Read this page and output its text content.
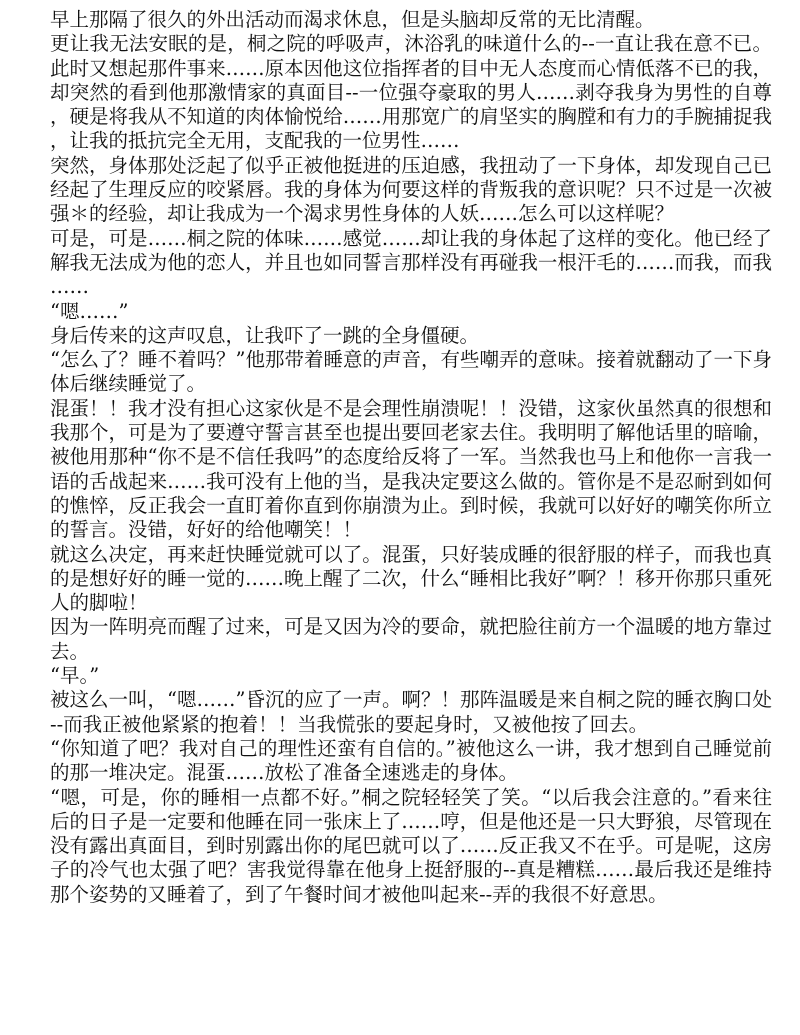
早上那隔了很久的外出活动而渴求休息，但是头脑却反常的无比清醒。

更让我无法安眠的是，桐之院的呼吸声，沐浴乳的味道什么的--一直让我在意不已。此时又想起那件事来……原本因他这位指挥者的目中无人态度而心情低落不已的我，却突然的看到他那激情家的真面目--一位强夺豪取的男人……剥夺我身为男性的自尊，硬是将我从不知道的肉体愉悦给……用那宽广的肩坚实的胸膛和有力的手腕捕捉我，让我的抵抗完全无用，支配我的一位男性……

突然，身体那处泛起了似乎正被他挺进的压迫感，我扭动了一下身体，却发现自己已经起了生理反应的咬紧唇。我的身体为何要这样的背叛我的意识呢？只不过是一次被强＊的经验，却让我成为一个渴求男性身体的人妖……怎么可以这样呢？

可是，可是……桐之院的体味……感觉……却让我的身体起了这样的变化。他已经了解我无法成为他的恋人，并且也如同誓言那样没有再碰我一根汗毛的……而我，而我……

“嗯……”

身后传来的这声叹息，让我吓了一跳的全身僵硬。

“怎么了？睡不着吗？”他那带着睡意的声音，有些嘲弄的意味。接着就翻动了一下身体后继续睡觉了。

混蛋！！我才没有担心这家伙是不是会理性崩溃呢！！没错，这家伙虽然真的很想和我那个，可是为了要遵守誓言甚至也提出要回老家去住。我明明了解他话里的暗喻，被他用那种“你不是不信任我吗”的态度给反将了一军。当然我也马上和他你一言我一语的舌战起来……我可没有上他的当，是我决定要这么做的。管你是不是忍耐到如何的憔悴，反正我会一直盯着你直到你崩溃为止。到时候，我就可以好好的嘲笑你所立的誓言。没错，好好的给他嘲笑！！

就这么决定，再来赶快睡觉就可以了。混蛋，只好装成睡的很舒服的样子，而我也真的是想好好的睡一觉的……晚上醒了二次，什么“睡相比我好”啊？！移开你那只重死人的脚啦！

因为一阵明亮而醒了过来，可是又因为冷的要命，就把脸往前方一个温暖的地方靠过去。

“早。”

被这么一叫，“嗯……”昏沉的应了一声。啊？！那阵温暖是来自桐之院的睡衣胸口处--而我正被他紧紧的抱着！！当我慌张的要起身时，又被他按了回去。

“你知道了吧？我对自己的理性还蛮有自信的。”被他这么一讲，我才想到自己睡觉前的那一堆决定。混蛋……放松了准备全速逃走的身体。

“嗯，可是，你的睡相一点都不好。”桐之院轻轻笑了笑。“以后我会注意的。”看来往后的日子是一定要和他睡在同一张床上了……哼，但是他还是一只大野狼，尽管现在没有露出真面目，到时别露出你的尾巴就可以了……反正我又不在乎。可是呢，这房子的冷气也太强了吧？害我觉得靠在他身上挺舒服的--真是糟糕……最后我还是维持那个姿势的又睡着了，到了午餐时间才被他叫起来--弄的我很不好意思。
